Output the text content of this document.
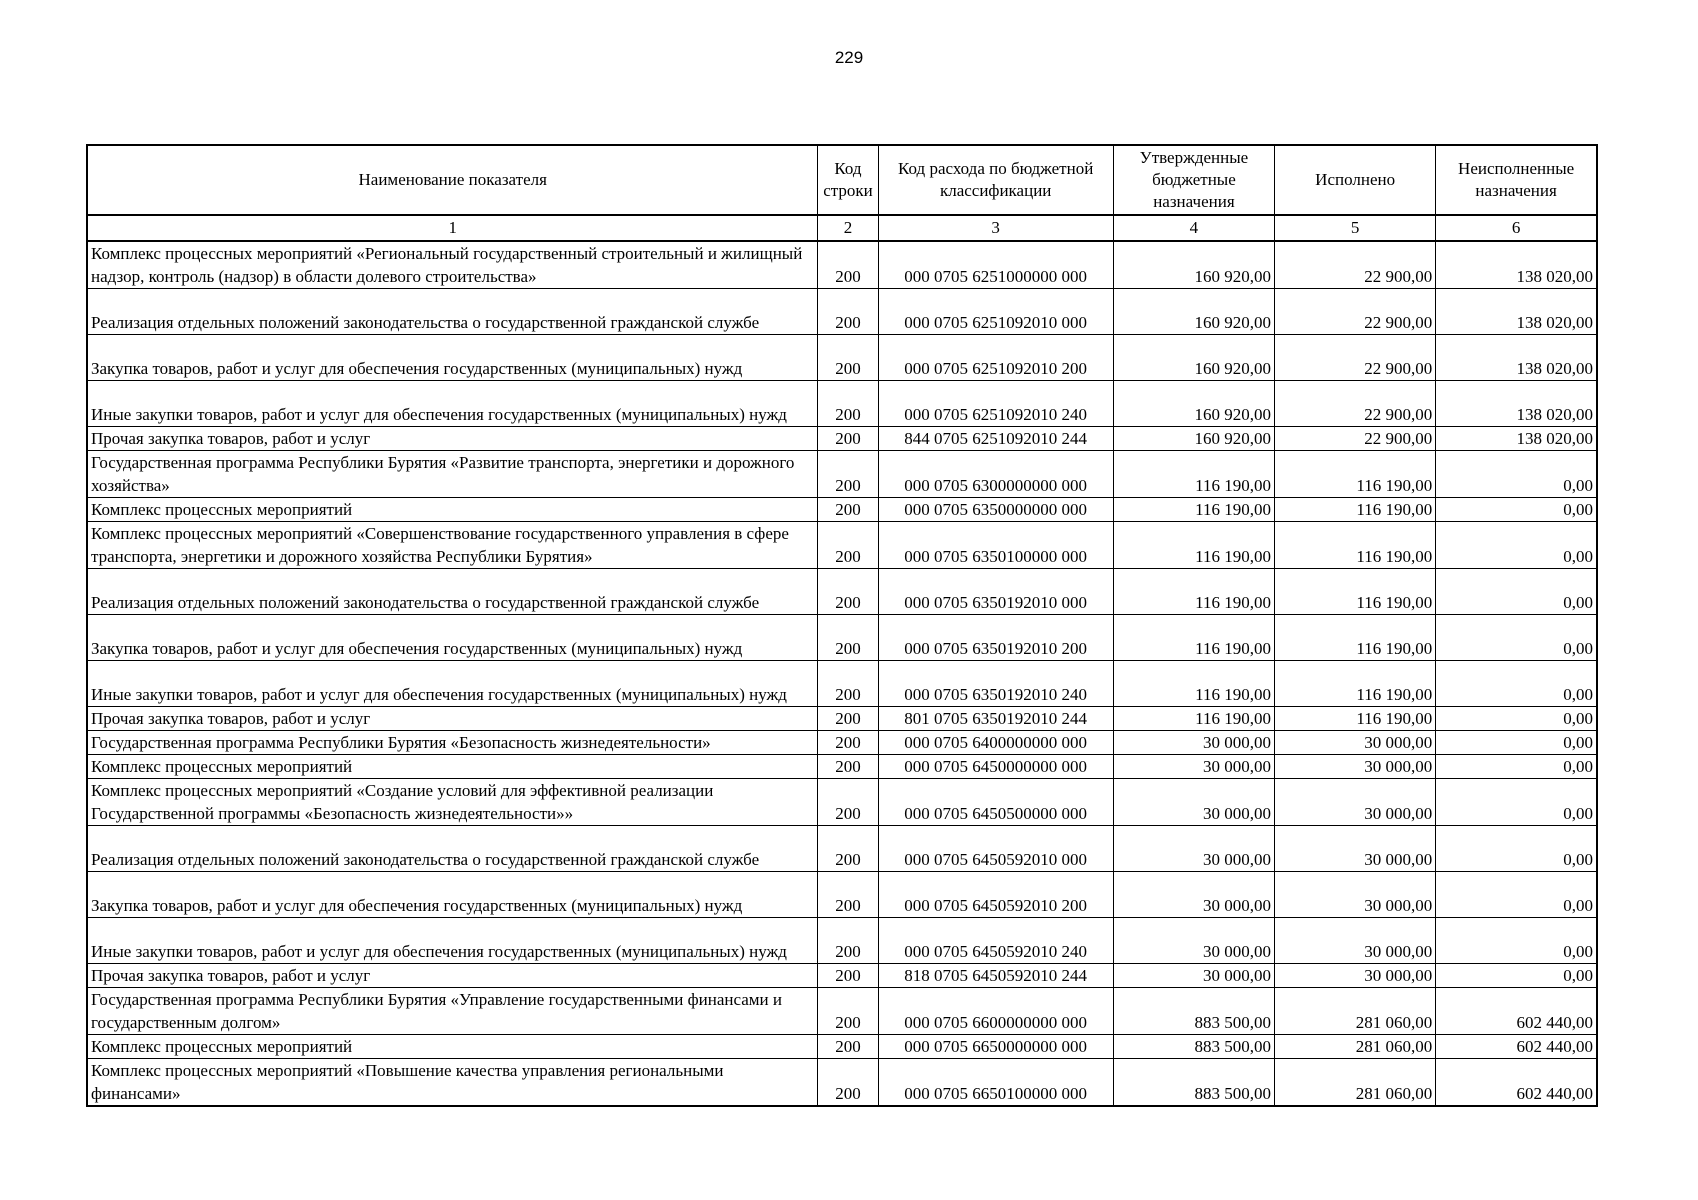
229
Наименование показателя	Код строки	Код расхода по бюджетной классификации	Утвержденные бюджетные назначения	Исполнено	Неисполненные назначения
1	2	3	4	5	6
Комплекс процессных мероприятий «Региональный государственный строительный и жилищный надзор, контроль (надзор) в области долевого строительства»	200	000 0705 6251000000 000	160 920,00	22 900,00	138 020,00
Реализация отдельных положений законодательства о государственной гражданской службе	200	000 0705 6251092010 000	160 920,00	22 900,00	138 020,00
Закупка товаров, работ и услуг для обеспечения государственных (муниципальных) нужд	200	000 0705 6251092010 200	160 920,00	22 900,00	138 020,00
Иные закупки товаров, работ и услуг для обеспечения государственных (муниципальных) нужд	200	000 0705 6251092010 240	160 920,00	22 900,00	138 020,00
Прочая закупка товаров, работ и услуг	200	844 0705 6251092010 244	160 920,00	22 900,00	138 020,00
Государственная программа Республики Бурятия «Развитие транспорта, энергетики и дорожного хозяйства»	200	000 0705 6300000000 000	116 190,00	116 190,00	0,00
Комплекс процессных мероприятий	200	000 0705 6350000000 000	116 190,00	116 190,00	0,00
Комплекс процессных мероприятий «Совершенствование государственного управления в сфере транспорта, энергетики и дорожного хозяйства Республики Бурятия»	200	000 0705 6350100000 000	116 190,00	116 190,00	0,00
Реализация отдельных положений законодательства о государственной гражданской службе	200	000 0705 6350192010 000	116 190,00	116 190,00	0,00
Закупка товаров, работ и услуг для обеспечения государственных (муниципальных) нужд	200	000 0705 6350192010 200	116 190,00	116 190,00	0,00
Иные закупки товаров, работ и услуг для обеспечения государственных (муниципальных) нужд	200	000 0705 6350192010 240	116 190,00	116 190,00	0,00
Прочая закупка товаров, работ и услуг	200	801 0705 6350192010 244	116 190,00	116 190,00	0,00
Государственная программа Республики Бурятия «Безопасность жизнедеятельности»	200	000 0705 6400000000 000	30 000,00	30 000,00	0,00
Комплекс процессных мероприятий	200	000 0705 6450000000 000	30 000,00	30 000,00	0,00
Комплекс процессных мероприятий «Создание условий для эффективной реализации Государственной программы «Безопасность жизнедеятельности»»	200	000 0705 6450500000 000	30 000,00	30 000,00	0,00
Реализация отдельных положений законодательства о государственной гражданской службе	200	000 0705 6450592010 000	30 000,00	30 000,00	0,00
Закупка товаров, работ и услуг для обеспечения государственных (муниципальных) нужд	200	000 0705 6450592010 200	30 000,00	30 000,00	0,00
Иные закупки товаров, работ и услуг для обеспечения государственных (муниципальных) нужд	200	000 0705 6450592010 240	30 000,00	30 000,00	0,00
Прочая закупка товаров, работ и услуг	200	818 0705 6450592010 244	30 000,00	30 000,00	0,00
Государственная программа Республики Бурятия «Управление государственными финансами и государственным долгом»	200	000 0705 6600000000 000	883 500,00	281 060,00	602 440,00
Комплекс процессных мероприятий	200	000 0705 6650000000 000	883 500,00	281 060,00	602 440,00
Комплекс процессных мероприятий «Повышение качества управления региональными финансами»	200	000 0705 6650100000 000	883 500,00	281 060,00	602 440,00
